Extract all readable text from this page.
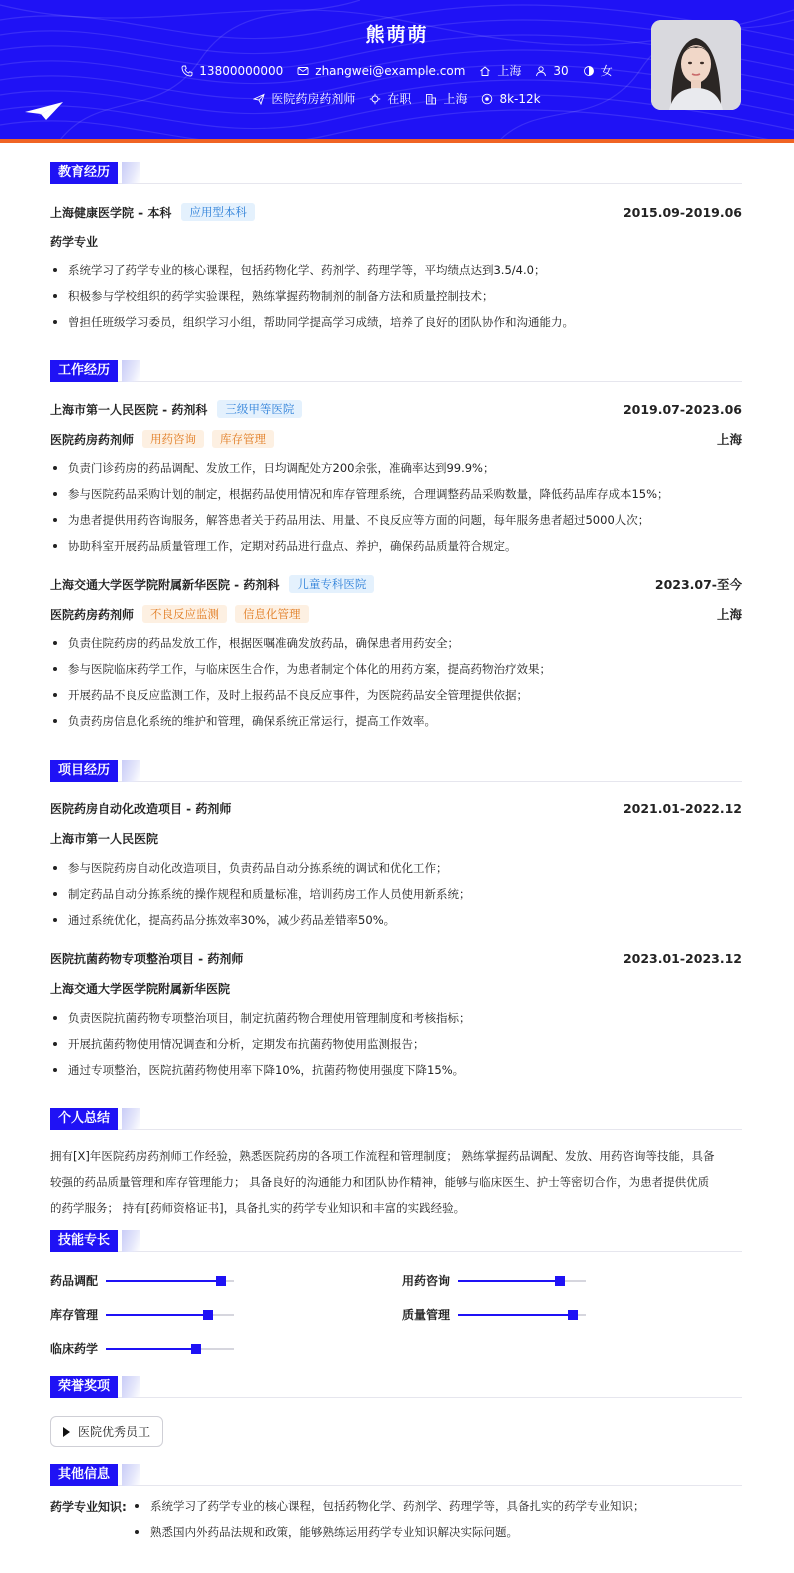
熊萌萌
13800000000	zhangwei@example.com	上海	30	女
医院药房药剂师	在职	上海	8k-12k
教育经历
上海健康医学院 - 本科	应用型本科	2015.09-2019.06
药学专业
系统学习了药学专业的核心课程，包括药物化学、药剂学、药理学等，平均绩点达到3.5/4.0；
积极参与学校组织的药学实验课程，熟练掌握药物制剂的制备方法和质量控制技术；
曾担任班级学习委员，组织学习小组，帮助同学提高学习成绩，培养了良好的团队协作和沟通能力。
工作经历
上海市第一人民医院 - 药剂科	三级甲等医院	2019.07-2023.06
医院药房药剂师	用药咨询	库存管理	上海
负责门诊药房的药品调配、发放工作，日均调配处方200余张，准确率达到99.9%；
参与医院药品采购计划的制定，根据药品使用情况和库存管理系统，合理调整药品采购数量，降低药品库存成本15%；
为患者提供用药咨询服务，解答患者关于药品用法、用量、不良反应等方面的问题，每年服务患者超过5000人次；
协助科室开展药品质量管理工作，定期对药品进行盘点、养护，确保药品质量符合规定。
上海交通大学医学院附属新华医院 - 药剂科	儿童专科医院	2023.07-至今
医院药房药剂师	不良反应监测	信息化管理	上海
负责住院药房的药品发放工作，根据医嘱准确发放药品，确保患者用药安全；
参与医院临床药学工作，与临床医生合作，为患者制定个体化的用药方案，提高药物治疗效果；
开展药品不良反应监测工作，及时上报药品不良反应事件，为医院药品安全管理提供依据；
负责药房信息化系统的维护和管理，确保系统正常运行，提高工作效率。
项目经历
医院药房自动化改造项目 - 药剂师	2021.01-2022.12
上海市第一人民医院
参与医院药房自动化改造项目，负责药品自动分拣系统的调试和优化工作；
制定药品自动分拣系统的操作规程和质量标准，培训药房工作人员使用新系统；
通过系统优化，提高药品分拣效率30%，减少药品差错率50%。
医院抗菌药物专项整治项目 - 药剂师	2023.01-2023.12
上海交通大学医学院附属新华医院
负责医院抗菌药物专项整治项目，制定抗菌药物合理使用管理制度和考核指标；
开展抗菌药物使用情况调查和分析，定期发布抗菌药物使用监测报告；
通过专项整治，医院抗菌药物使用率下降10%，抗菌药物使用强度下降15%。
个人总结
拥有[X]年医院药房药剂师工作经验，熟悉医院药房的各项工作流程和管理制度； 熟练掌握药品调配、发放、用药咨询等技能，具备
较强的药品质量管理和库存管理能力； 具备良好的沟通能力和团队协作精神，能够与临床医生、护士等密切合作，为患者提供优质
的药学服务； 持有[药师资格证书]，具备扎实的药学专业知识和丰富的实践经验。
技能专长
药品调配	用药咨询
库存管理	质量管理
临床药学
荣誉奖项
医院优秀员工
其他信息
药学专业知识:	系统学习了药学专业的核心课程，包括药物化学、药剂学、药理学等，具备扎实的药学专业知识；
熟悉国内外药品法规和政策，能够熟练运用药学专业知识解决实际问题。
